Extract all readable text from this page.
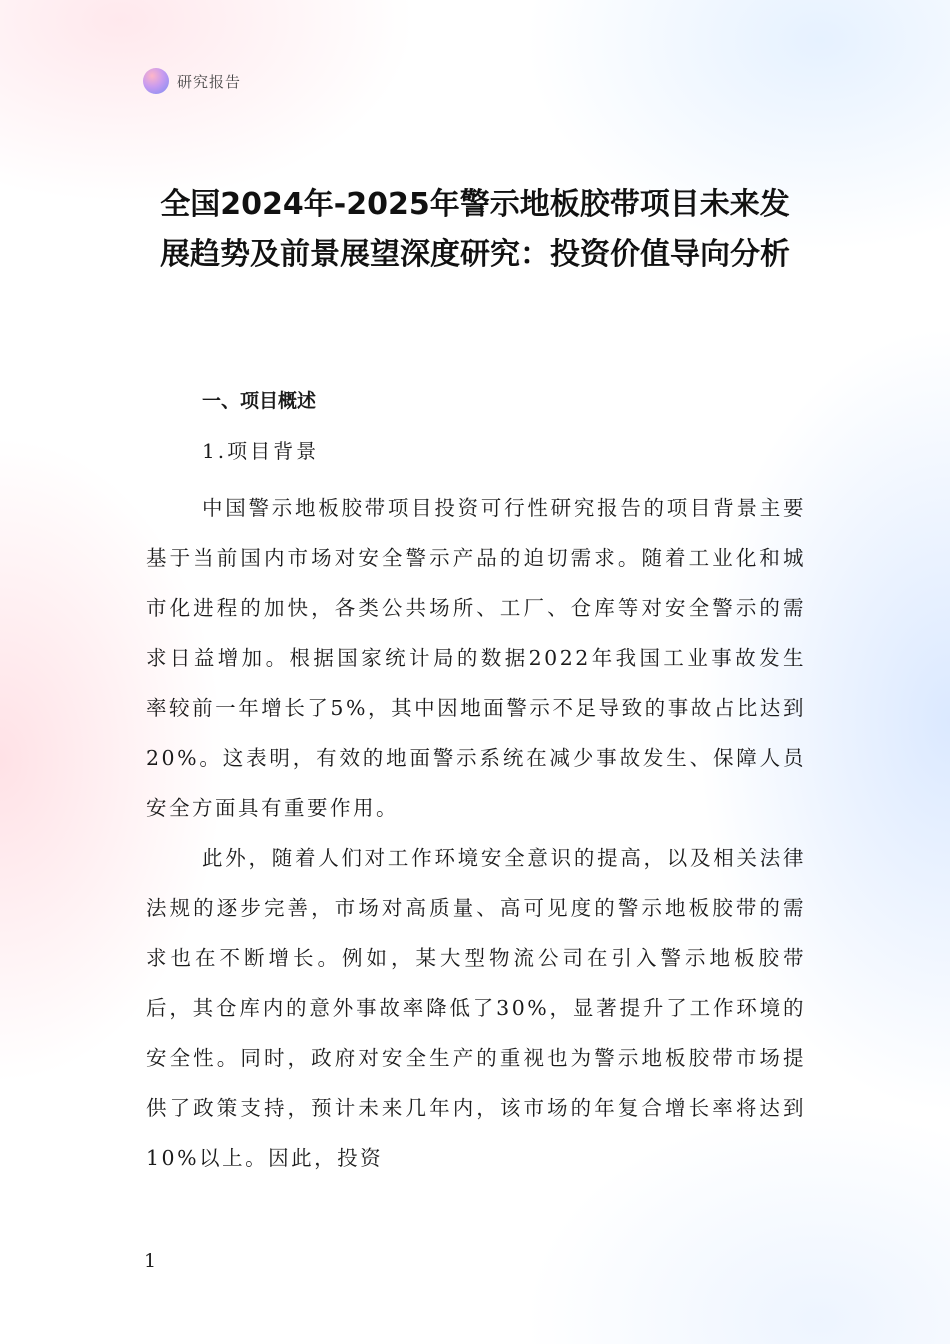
研究报告
全国2024年-2025年警示地板胶带项目未来发展趋势及前景展望深度研究：投资价值导向分析
一、项目概述
1.项目背景

中国警示地板胶带项目投资可行性研究报告的项目背景主要基于当前国内市场对安全警示产品的迫切需求。随着工业化和城市化进程的加快，各类公共场所、工厂、仓库等对安全警示的需求日益增加。根据国家统计局的数据2022年我国工业事故发生率较前一年增长了5%，其中因地面警示不足导致的事故占比达到20%。这表明，有效的地面警示系统在减少事故发生、保障人员安全方面具有重要作用。

此外，随着人们对工作环境安全意识的提高，以及相关法律法规的逐步完善，市场对高质量、高可见度的警示地板胶带的需求也在不断增长。例如，某大型物流公司在引入警示地板胶带后，其仓库内的意外事故率降低了30%，显著提升了工作环境的安全性。同时，政府对安全生产的重视也为警示地板胶带市场提供了政策支持，预计未来几年内，该市场的年复合增长率将达到10%以上。因此，投资

1
